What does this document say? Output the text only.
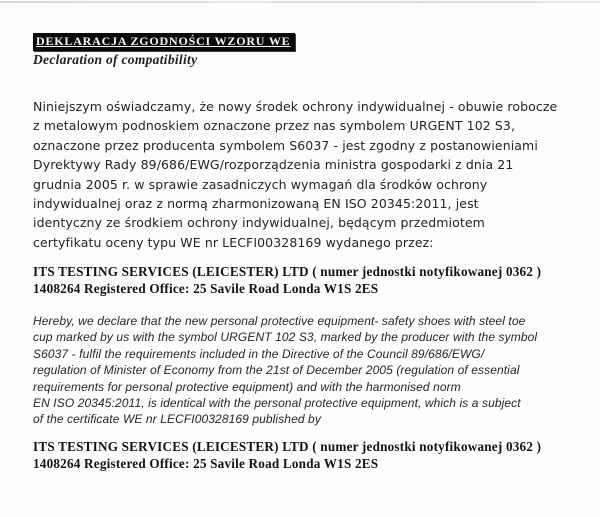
DEKLARACJA ZGODNOŚCI WZORU WE
Declaration of compatibility
Niniejszym oświadczamy, że nowy środek ochrony indywidualnej - obuwie robocze
z metalowym podnoskiem oznaczone przez nas symbolem URGENT 102 S3,
oznaczone przez producenta symbolem S6037 - jest zgodny z postanowieniami
Dyrektywy Rady 89/686/EWG/rozporządzenia ministra gospodarki z dnia 21
grudnia 2005 r. w sprawie zasadniczych wymagań dla środków ochrony
indywidualnej oraz z normą zharmonizowaną EN ISO 20345:2011, jest
identyczny ze środkiem ochrony indywidualnej, będącym przedmiotem
certyfikatu oceny typu WE nr LECFI00328169 wydanego przez:
ITS TESTING SERVICES (LEICESTER) LTD ( numer jednostki notyfikowanej 0362 )
1408264 Registered Office: 25 Savile Road Londa W1S 2ES
Hereby, we declare that the new personal protective equipment- safety shoes with steel toe
cup marked by us with the symbol URGENT 102 S3, marked by the producer with the symbol
S6037 - fulfil the requirements included in the Directive of the Council 89/686/EWG/
regulation of Minister of Economy from the 21st of December 2005 (regulation of essential
requirements for personal protective equipment) and with the harmonised norm
EN ISO 20345:2011, is identical with the personal protective equipment, which is a subject
of the certificate WE nr LECFI00328169 published by
ITS TESTING SERVICES (LEICESTER) LTD ( numer jednostki notyfikowanej 0362 )
1408264 Registered Office: 25 Savile Road Londa W1S 2ES
